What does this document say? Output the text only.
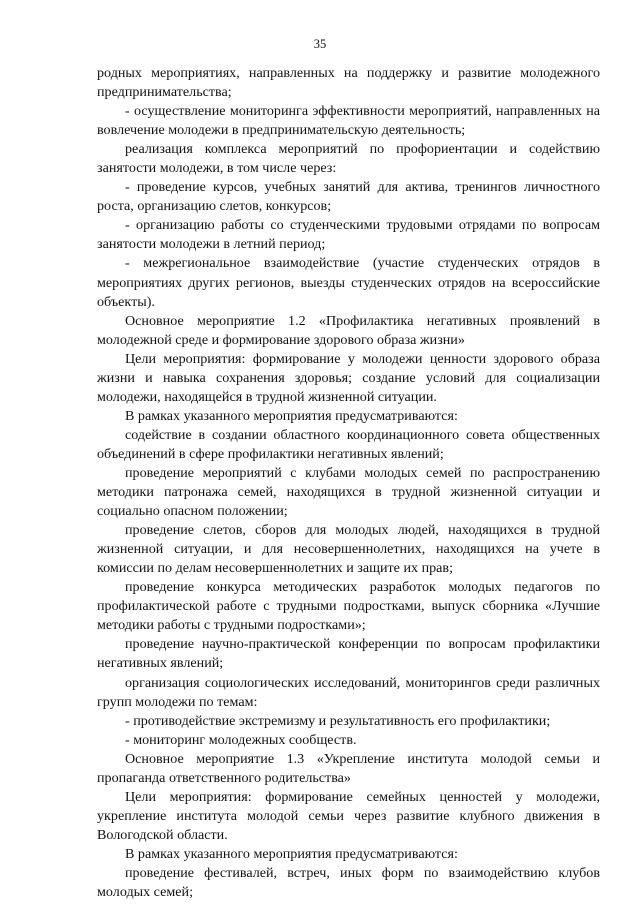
35

родных мероприятиях, направленных на поддержку и развитие молодежного предпринимательства;

- осуществление мониторинга эффективности мероприятий, направленных на вовлечение молодежи в предпринимательскую деятельность;

реализация комплекса мероприятий по профориентации и содействию занятости молодежи, в том числе через:

- проведение курсов, учебных занятий для актива, тренингов личностного роста, организацию слетов, конкурсов;

- организацию работы со студенческими трудовыми отрядами по вопросам занятости молодежи в летний период;

- межрегиональное взаимодействие (участие студенческих отрядов в мероприятиях других регионов, выезды студенческих отрядов на всероссийские объекты).

Основное мероприятие 1.2 «Профилактика негативных проявлений в молодежной среде и формирование здорового образа жизни»

Цели мероприятия: формирование у молодежи ценности здорового образа жизни и навыка сохранения здоровья; создание условий для социализации молодежи, находящейся в трудной жизненной ситуации.

В рамках указанного мероприятия предусматриваются:

содействие в создании областного координационного совета общественных объединений в сфере профилактики негативных явлений;

проведение мероприятий с клубами молодых семей по распространению методики патронажа семей, находящихся в трудной жизненной ситуации и социально опасном положении;

проведение слетов, сборов для молодых людей, находящихся в трудной жизненной ситуации, и для несовершеннолетних, находящихся на учете в комиссии по делам несовершеннолетних и защите их прав;

проведение конкурса методических разработок молодых педагогов по профилактической работе с трудными подростками, выпуск сборника «Лучшие методики работы с трудными подростками»;

проведение научно-практической конференции по вопросам профилактики негативных явлений;

организация социологических исследований, мониторингов среди различных групп молодежи по темам:

- противодействие экстремизму и результативность его профилактики;

- мониторинг молодежных сообществ.

Основное мероприятие 1.3 «Укрепление института молодой семьи и пропаганда ответственного родительства»

Цели мероприятия: формирование семейных ценностей у молодежи, укрепление института молодой семьи через развитие клубного движения в Вологодской области.

В рамках указанного мероприятия предусматриваются:

проведение фестивалей, встреч, иных форм по взаимодействию клубов молодых семей;
